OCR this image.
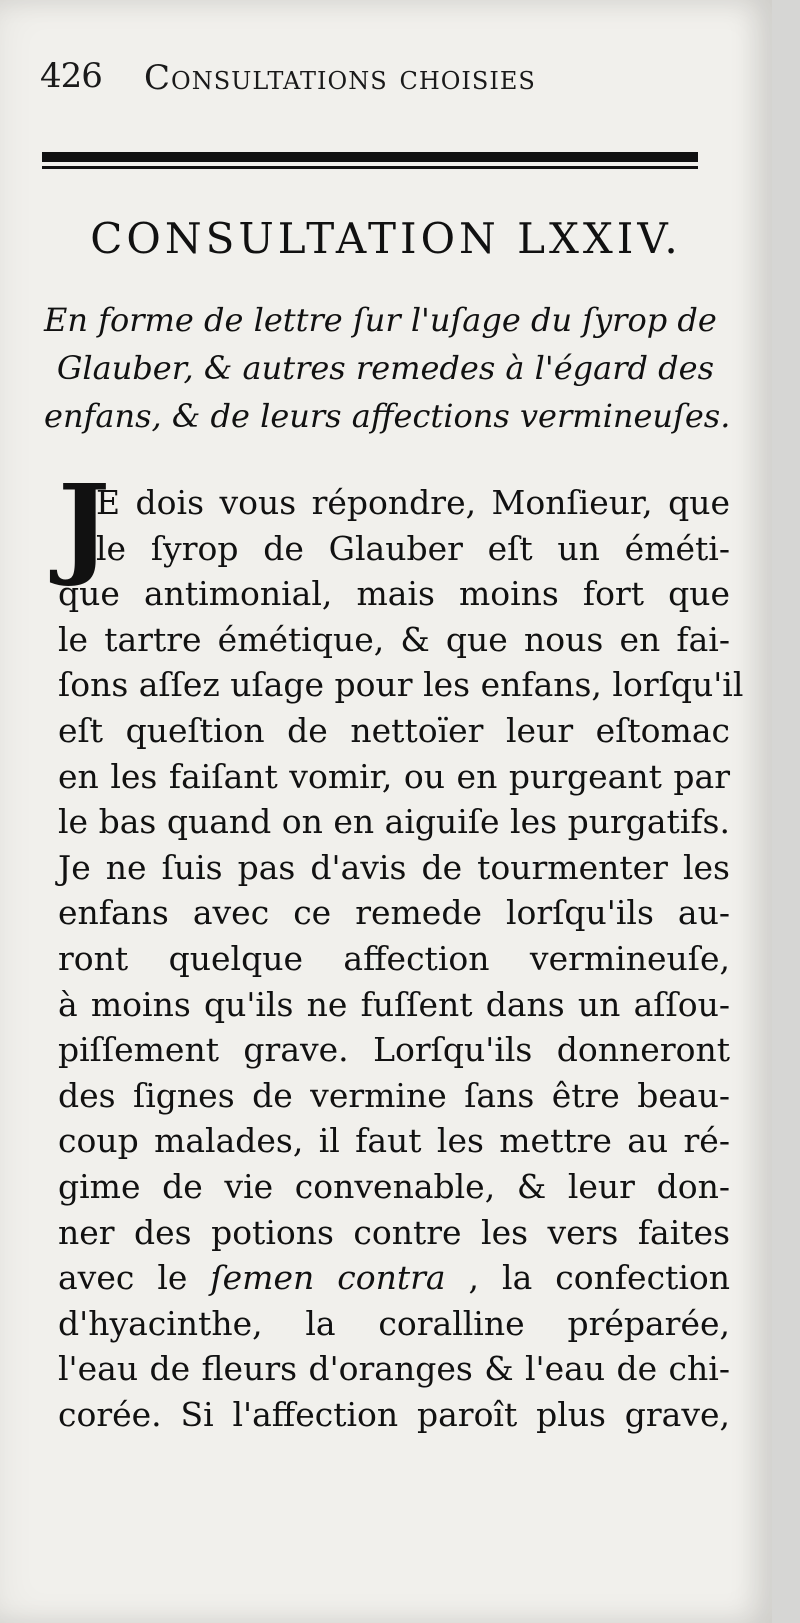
426 Consultations choisies
CONSULTATION LXXIV.
En forme de lettre ſur l'uſage du ſyrop de
Glauber, & autres remedes à l'égard des
enfans, & de leurs affections vermineuſes.
J
E dois vous répondre, Monſieur, que
le ſyrop de Glauber eſt un éméti-
que antimonial, mais moins fort que
le tartre émétique, & que nous en fai-
ſons aſſez uſage pour les enfans, lorſqu'il
eſt queſtion de nettoïer leur eſtomac
en les faiſant vomir, ou en purgeant par
le bas quand on en aiguiſe les purgatifs.
Je ne ſuis pas d'avis de tourmenter les
enfans avec ce remede lorſqu'ils au-
ront quelque affection vermineuſe,
à moins qu'ils ne fuſſent dans un aſſou-
piſſement grave. Lorſqu'ils donneront
des ſignes de vermine ſans être beau-
coup malades, il faut les mettre au ré-
gime de vie convenable, & leur don-
ner des potions contre les vers faites
avec le ſemen contra , la confection
d'hyacinthe, la coralline préparée,
l'eau de fleurs d'oranges & l'eau de chi-
corée. Si l'affection paroît plus grave,
